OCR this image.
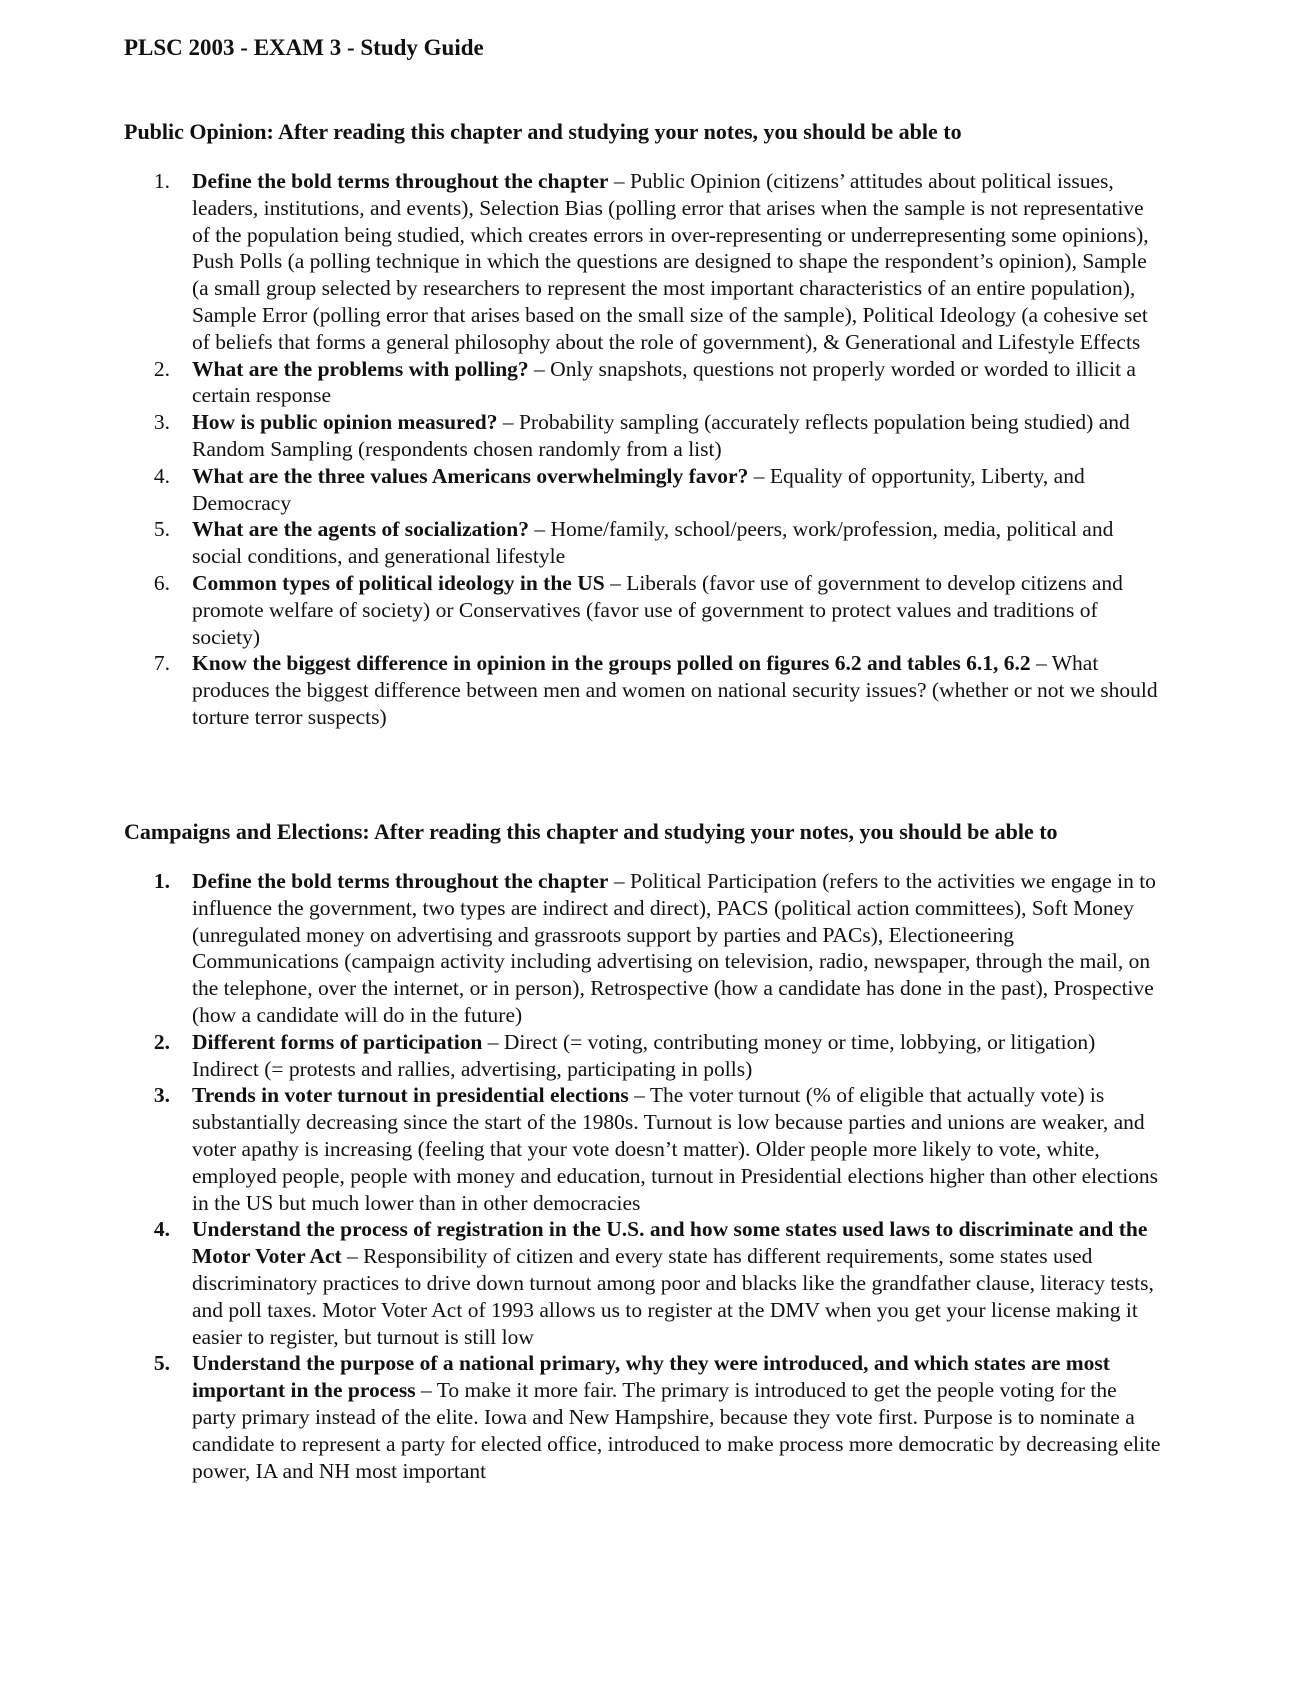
PLSC 2003 - EXAM 3 - Study Guide
Public Opinion: After reading this chapter and studying your notes, you should be able to
1.	Define the bold terms throughout the chapter – Public Opinion (citizens’ attitudes about political issues, leaders, institutions, and events), Selection Bias (polling error that arises when the sample is not representative of the population being studied, which creates errors in over-representing or underrepresenting some opinions), Push Polls (a polling technique in which the questions are designed to shape the respondent’s opinion), Sample (a small group selected by researchers to represent the most important characteristics of an entire population), Sample Error (polling error that arises based on the small size of the sample), Political Ideology (a cohesive set of beliefs that forms a general philosophy about the role of government), & Generational and Lifestyle Effects
2.	What are the problems with polling? – Only snapshots, questions not properly worded or worded to illicit a certain response
3.	How is public opinion measured? – Probability sampling (accurately reflects population being studied) and Random Sampling (respondents chosen randomly from a list)
4.	What are the three values Americans overwhelmingly favor? – Equality of opportunity, Liberty, and Democracy
5.	What are the agents of socialization? – Home/family, school/peers, work/profession, media, political and social conditions, and generational lifestyle
6.	Common types of political ideology in the US – Liberals (favor use of government to develop citizens and promote welfare of society) or Conservatives (favor use of government to protect values and traditions of society)
7.	Know the biggest difference in opinion in the groups polled on figures 6.2 and tables 6.1, 6.2 – What produces the biggest difference between men and women on national security issues? (whether or not we should torture terror suspects)
Campaigns and Elections: After reading this chapter and studying your notes, you should be able to
1.	Define the bold terms throughout the chapter – Political Participation (refers to the activities we engage in to influence the government, two types are indirect and direct), PACS (political action committees), Soft Money (unregulated money on advertising and grassroots support by parties and PACs), Electioneering Communications (campaign activity including advertising on television, radio, newspaper, through the mail, on the telephone, over the internet, or in person), Retrospective (how a candidate has done in the past), Prospective (how a candidate will do in the future)
2.	Different forms of participation – Direct (= voting, contributing money or time, lobbying, or litigation) Indirect (= protests and rallies, advertising, participating in polls)
3.	Trends in voter turnout in presidential elections – The voter turnout (% of eligible that actually vote) is substantially decreasing since the start of the 1980s. Turnout is low because parties and unions are weaker, and voter apathy is increasing (feeling that your vote doesn’t matter). Older people more likely to vote, white, employed people, people with money and education, turnout in Presidential elections higher than other elections in the US but much lower than in other democracies
4.	Understand the process of registration in the U.S. and how some states used laws to discriminate and the Motor Voter Act – Responsibility of citizen and every state has different requirements, some states used discriminatory practices to drive down turnout among poor and blacks like the grandfather clause, literacy tests, and poll taxes. Motor Voter Act of 1993 allows us to register at the DMV when you get your license making it easier to register, but turnout is still low
5.	Understand the purpose of a national primary, why they were introduced, and which states are most important in the process – To make it more fair. The primary is introduced to get the people voting for the party primary instead of the elite. Iowa and New Hampshire, because they vote first. Purpose is to nominate a candidate to represent a party for elected office, introduced to make process more democratic by decreasing elite power, IA and NH most important
